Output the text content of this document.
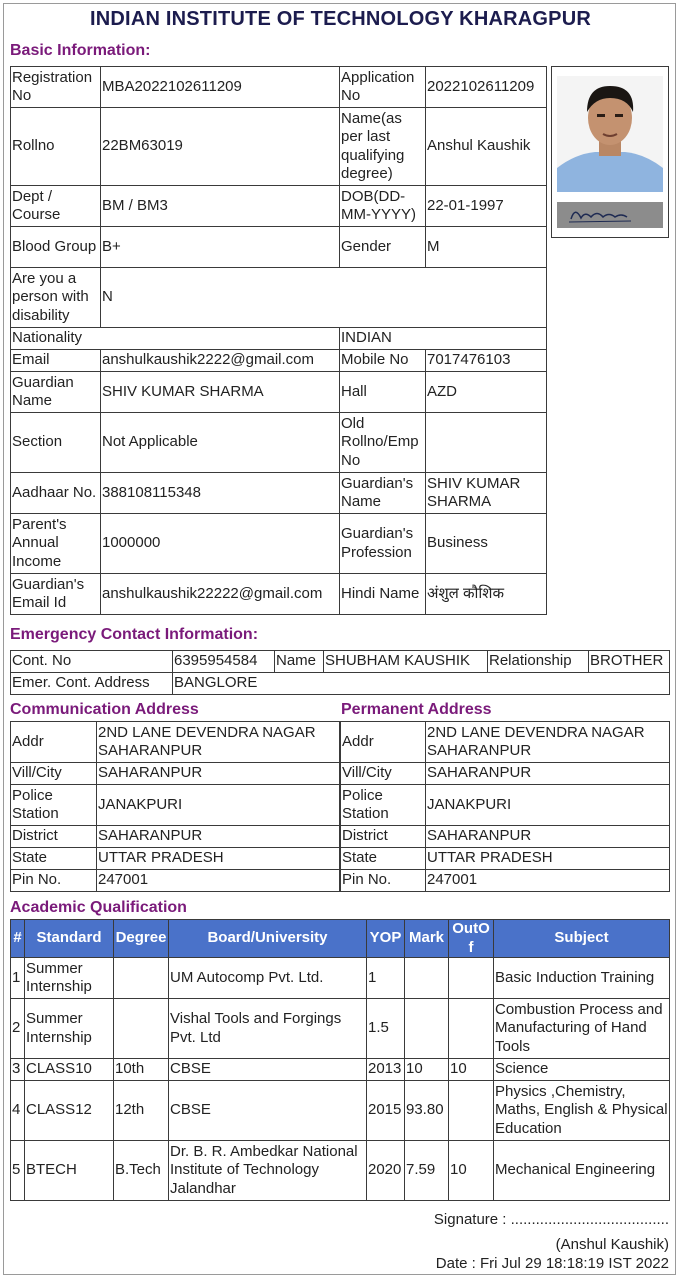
INDIAN INSTITUTE OF TECHNOLOGY KHARAGPUR
Basic Information:
Registration No	MBA2022102611209	Application No	2022102611209
Rollno	22BM63019	Name(as per last qualifying degree)	Anshul Kaushik
Dept / Course	BM / BM3	DOB(DD-MM-YYYY)	22-01-1997
Blood Group	B+	Gender	M
Are you a person with disability	N		
Nationality		INDIAN	
Email	anshulkaushik2222@gmail.com	Mobile No	7017476103
Guardian Name	SHIV KUMAR SHARMA	Hall	AZD
Section	Not Applicable	Old Rollno/Emp No	
Aadhaar No.	388108115348	Guardian's Name	SHIV KUMAR SHARMA
Parent's Annual Income	1000000	Guardian's Profession	Business
Guardian's Email Id	anshulkaushik22222@gmail.com	Hindi Name	अंशुल कौशिक
Emergency Contact Information:
Cont. No	6395954584	Name	SHUBHAM KAUSHIK	Relationship	BROTHER
Emer. Cont. Address	BANGLORE				
Communication Address	Permanent Address
Addr	2ND LANE DEVENDRA NAGAR SAHARANPUR
Vill/City	SAHARANPUR
Police Station	JANAKPURI
District	SAHARANPUR
State	UTTAR PRADESH
Pin No.	247001
Addr	2ND LANE DEVENDRA NAGAR SAHARANPUR
Vill/City	SAHARANPUR
Police Station	JANAKPURI
District	SAHARANPUR
State	UTTAR PRADESH
Pin No.	247001
Academic Qualification
#	Standard	Degree	Board/University	YOP	Mark	OutOf	Subject
1	Summer Internship		UM Autocomp Pvt. Ltd.	1			Basic Induction Training
2	Summer Internship		Vishal Tools and Forgings Pvt. Ltd	1.5			Combustion Process and Manufacturing of Hand Tools
3	CLASS10	10th	CBSE	2013	10	10	Science
4	CLASS12	12th	CBSE	2015	93.80		Physics ,Chemistry, Maths, English & Physical Education
5	BTECH	B.Tech	Dr. B. R. Ambedkar National Institute of Technology Jalandhar	2020	7.59	10	Mechanical Engineering
Signature : ......................................
(Anshul Kaushik)
Date : Fri Jul 29 18:18:19 IST 2022
